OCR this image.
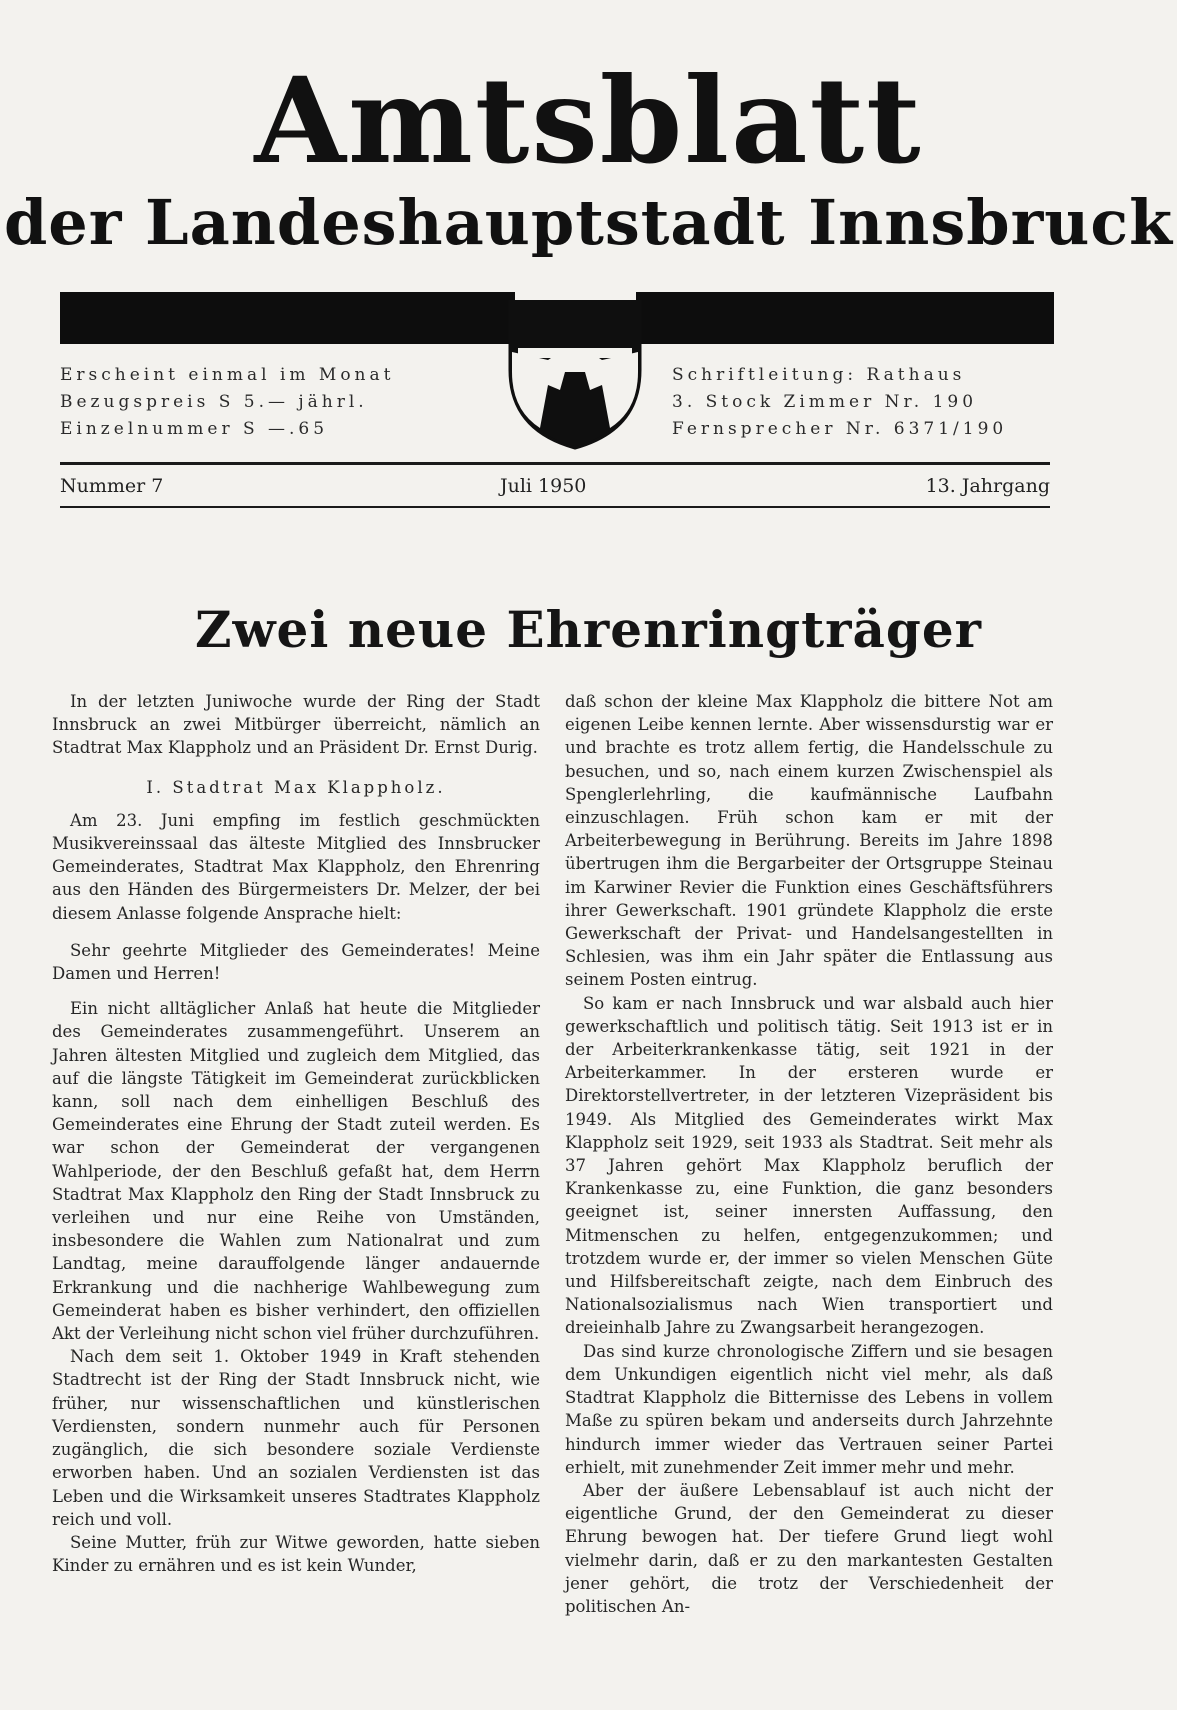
Amtsblatt
der Landeshauptstadt Innsbruck
Erscheint einmal im Monat
Bezugspreis S 5.— jährl.
Einzelnummer S —.65
Schriftleitung: Rathaus
3. Stock Zimmer Nr. 190
Fernsprecher Nr. 6371/190
Nummer 7	Juli 1950	13. Jahrgang
Zwei neue Ehrenringträger

In der letzten Juniwoche wurde der Ring der Stadt Innsbruck an zwei Mitbürger überreicht, nämlich an Stadtrat Max Klappholz und an Präsident Dr. Ernst Durig.

I. Stadtrat Max Klappholz.

Am 23. Juni empfing im festlich geschmückten Musikvereinssaal das älteste Mitglied des Innsbrucker Gemeinderates, Stadtrat Max Klappholz, den Ehrenring aus den Händen des Bürgermeisters Dr. Melzer, der bei diesem Anlasse folgende Ansprache hielt:

Sehr geehrte Mitglieder des Gemeinderates! Meine Damen und Herren!

Ein nicht alltäglicher Anlaß hat heute die Mitglieder des Gemeinderates zusammengeführt. Unserem an Jahren ältesten Mitglied und zugleich dem Mitglied, das auf die längste Tätigkeit im Gemeinderat zurückblicken kann, soll nach dem einhelligen Beschluß des Gemeinderates eine Ehrung der Stadt zuteil werden. Es war schon der Gemeinderat der vergangenen Wahlperiode, der den Beschluß gefaßt hat, dem Herrn Stadtrat Max Klappholz den Ring der Stadt Innsbruck zu verleihen und nur eine Reihe von Umständen, insbesondere die Wahlen zum Nationalrat und zum Landtag, meine darauffolgende länger andauernde Erkrankung und die nachherige Wahlbewegung zum Gemeinderat haben es bisher verhindert, den offiziellen Akt der Verleihung nicht schon viel früher durchzuführen.

Nach dem seit 1. Oktober 1949 in Kraft stehenden Stadtrecht ist der Ring der Stadt Innsbruck nicht, wie früher, nur wissenschaftlichen und künstlerischen Verdiensten, sondern nunmehr auch für Personen zugänglich, die sich besondere soziale Verdienste erworben haben. Und an sozialen Verdiensten ist das Leben und die Wirksamkeit unseres Stadtrates Klappholz reich und voll.

Seine Mutter, früh zur Witwe geworden, hatte sieben Kinder zu ernähren und es ist kein Wunder,

daß schon der kleine Max Klappholz die bittere Not am eigenen Leibe kennen lernte. Aber wissensdurstig war er und brachte es trotz allem fertig, die Handelsschule zu besuchen, und so, nach einem kurzen Zwischenspiel als Spenglerlehrling, die kaufmännische Laufbahn einzuschlagen. Früh schon kam er mit der Arbeiterbewegung in Berührung. Bereits im Jahre 1898 übertrugen ihm die Bergarbeiter der Ortsgruppe Steinau im Karwiner Revier die Funktion eines Geschäftsführers ihrer Gewerkschaft. 1901 gründete Klappholz die erste Gewerkschaft der Privat- und Handelsangestellten in Schlesien, was ihm ein Jahr später die Entlassung aus seinem Posten eintrug.

So kam er nach Innsbruck und war alsbald auch hier gewerkschaftlich und politisch tätig. Seit 1913 ist er in der Arbeiterkrankenkasse tätig, seit 1921 in der Arbeiterkammer. In der ersteren wurde er Direktorstellvertreter, in der letzteren Vizepräsident bis 1949. Als Mitglied des Gemeinderates wirkt Max Klappholz seit 1929, seit 1933 als Stadtrat. Seit mehr als 37 Jahren gehört Max Klappholz beruflich der Krankenkasse zu, eine Funktion, die ganz besonders geeignet ist, seiner innersten Auffassung, den Mitmenschen zu helfen, entgegenzukommen; und trotzdem wurde er, der immer so vielen Menschen Güte und Hilfsbereitschaft zeigte, nach dem Einbruch des Nationalsozialismus nach Wien transportiert und dreieinhalb Jahre zu Zwangsarbeit herangezogen.

Das sind kurze chronologische Ziffern und sie besagen dem Unkundigen eigentlich nicht viel mehr, als daß Stadtrat Klappholz die Bitternisse des Lebens in vollem Maße zu spüren bekam und anderseits durch Jahrzehnte hindurch immer wieder das Vertrauen seiner Partei erhielt, mit zunehmender Zeit immer mehr und mehr.

Aber der äußere Lebensablauf ist auch nicht der eigentliche Grund, der den Gemeinderat zu dieser Ehrung bewogen hat. Der tiefere Grund liegt wohl vielmehr darin, daß er zu den markantesten Gestalten jener gehört, die trotz der Verschiedenheit der politischen An-
